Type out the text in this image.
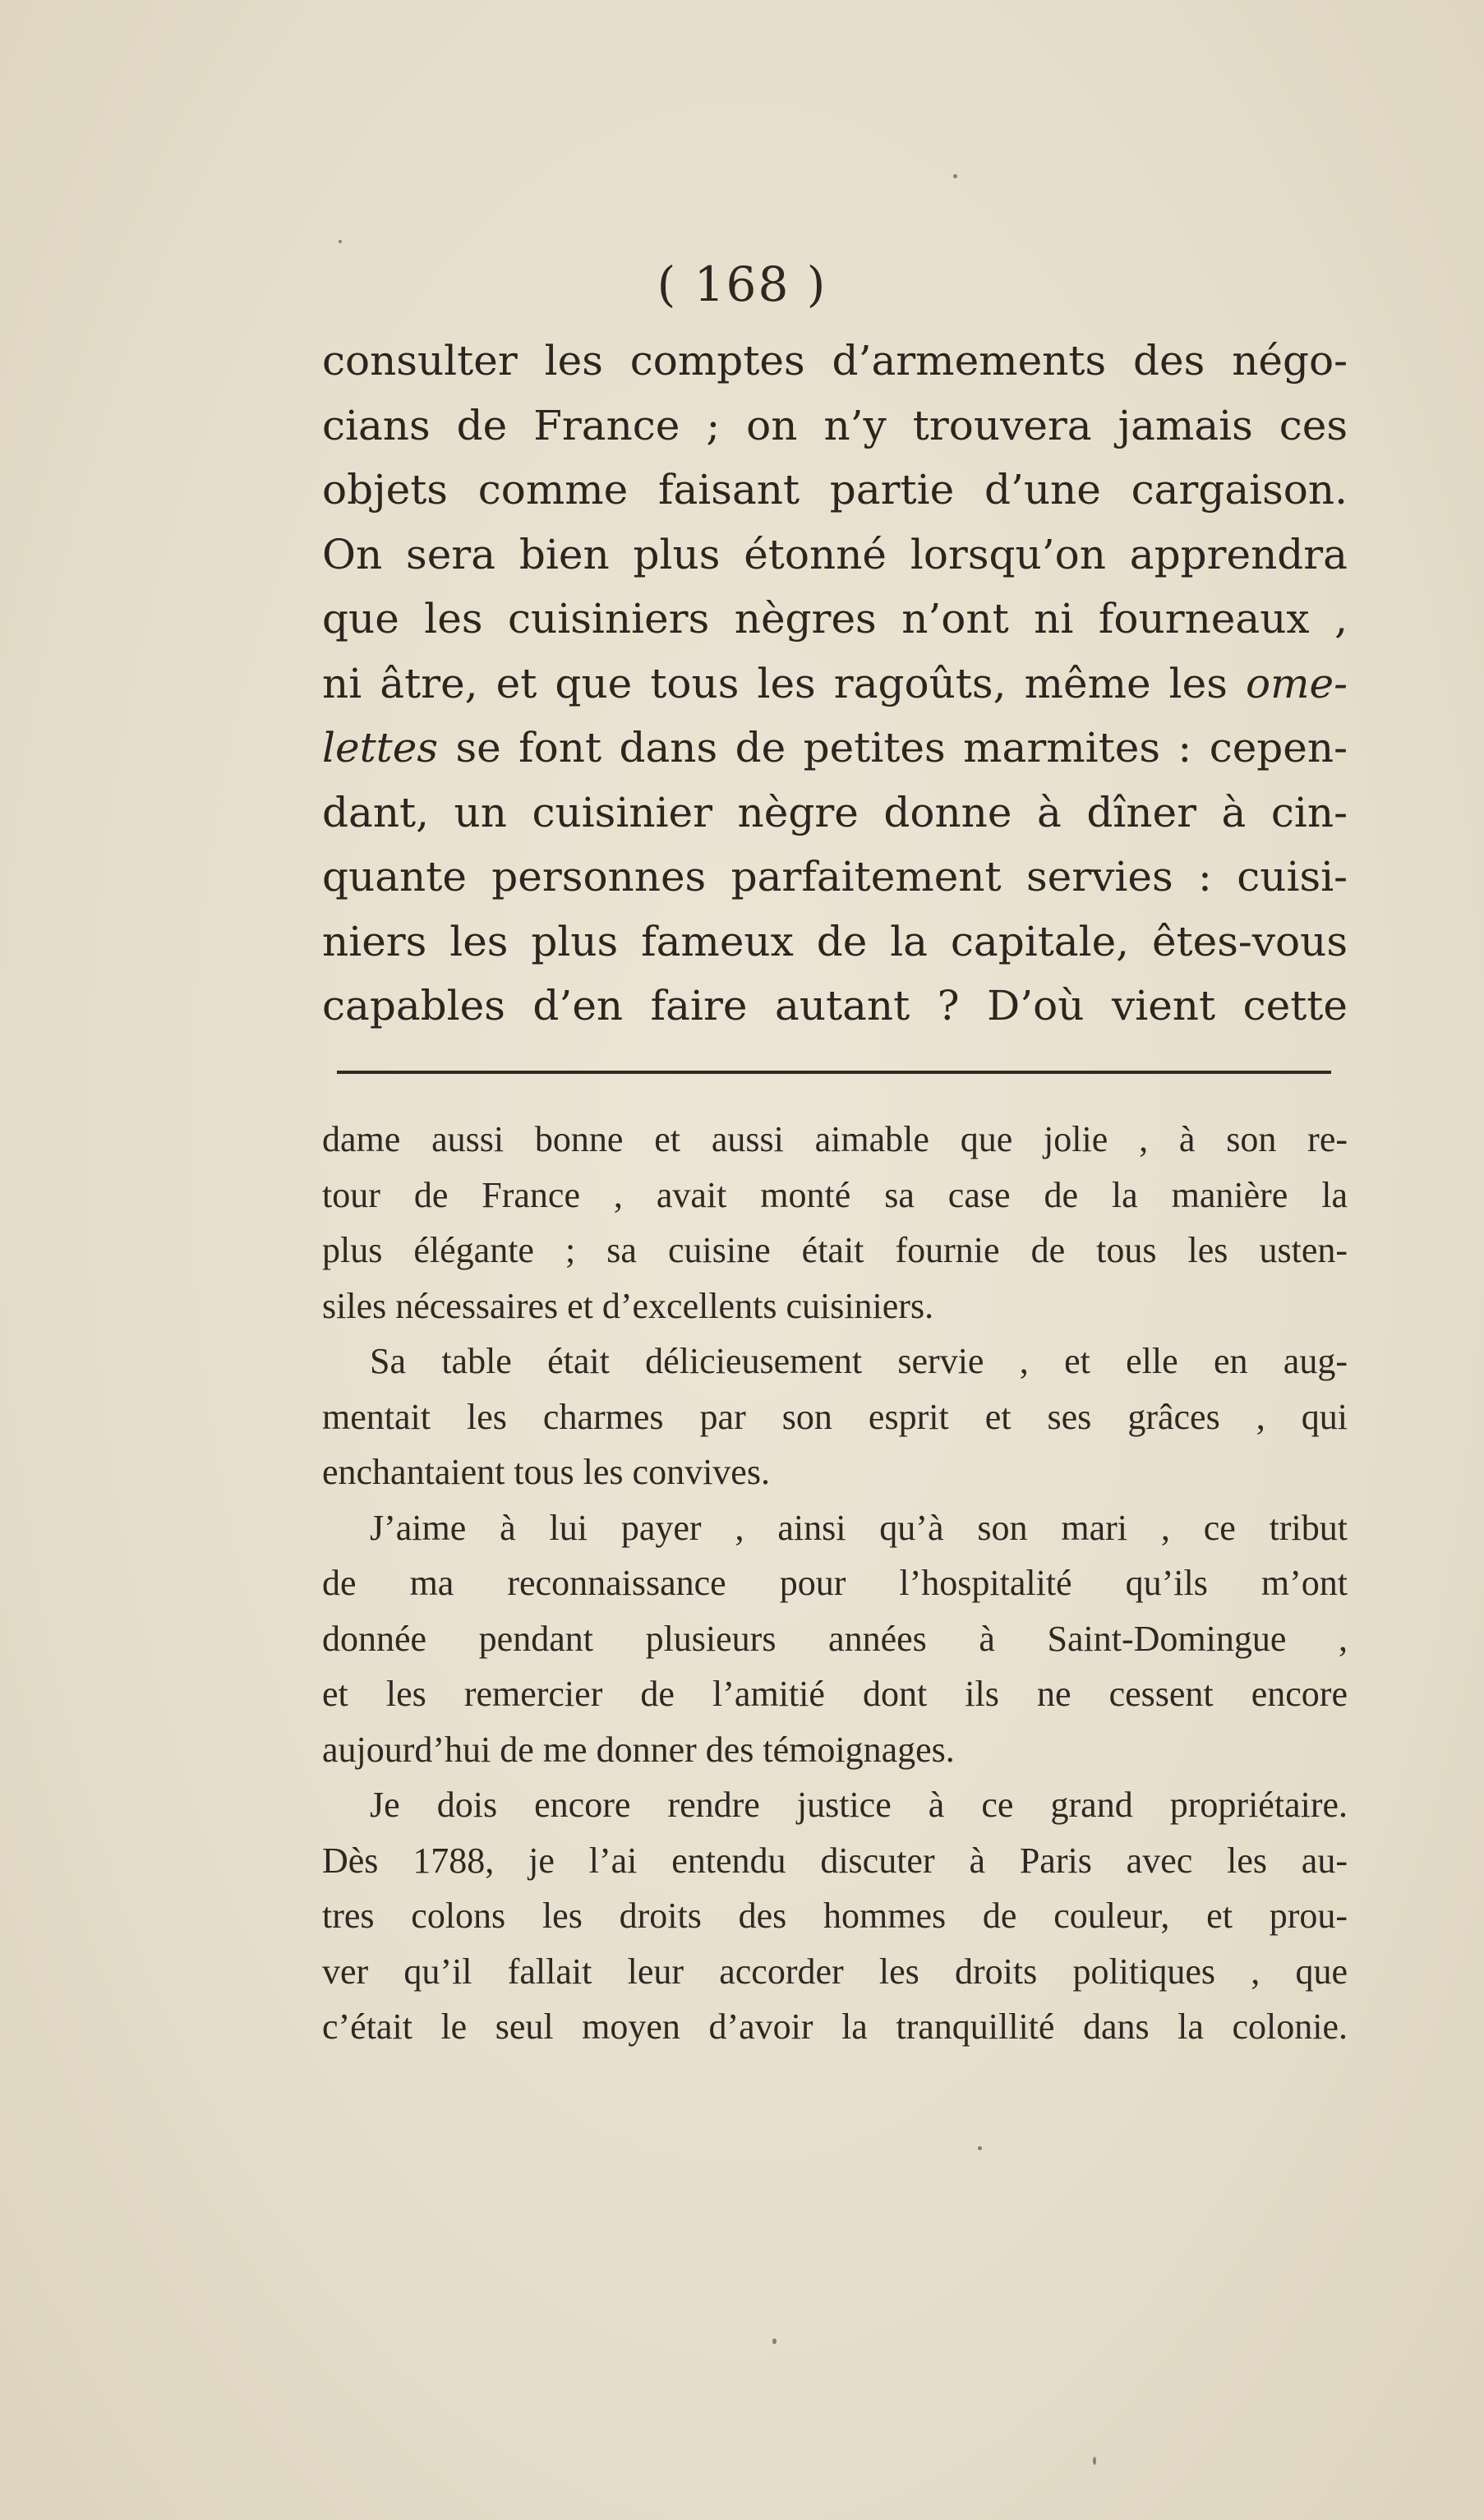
( 168 )
consulter les comptes d’armements des négo-
cians de France ; on n’y trouvera jamais ces
objets comme faisant partie d’une cargaison.
On sera bien plus étonné lorsqu’on apprendra
que les cuisiniers nègres n’ont ni fourneaux ,
ni âtre, et que tous les ragoûts, même les ome-
lettes se font dans de petites marmites : cepen-
dant, un cuisinier nègre donne à dîner à cin-
quante personnes parfaitement servies : cuisi-
niers les plus fameux de la capitale, êtes-vous
capables d’en faire autant ? D’où vient cette
dame aussi bonne et aussi aimable que jolie , à son re-
tour de France , avait monté sa case de la manière la
plus élégante ; sa cuisine était fournie de tous les usten-
siles nécessaires et d’excellents cuisiniers.
Sa table était délicieusement servie , et elle en aug-
mentait les charmes par son esprit et ses grâces , qui
enchantaient tous les convives.
J’aime à lui payer , ainsi qu’à son mari , ce tribut
de ma reconnaissance pour l’hospitalité qu’ils m’ont
donnée pendant plusieurs années à Saint-Domingue ,
et les remercier de l’amitié dont ils ne cessent encore
aujourd’hui de me donner des témoignages.
Je dois encore rendre justice à ce grand propriétaire.
Dès 1788, je l’ai entendu discuter à Paris avec les au-
tres colons les droits des hommes de couleur, et prou-
ver qu’il fallait leur accorder les droits politiques , que
c’était le seul moyen d’avoir la tranquillité dans la colonie.
